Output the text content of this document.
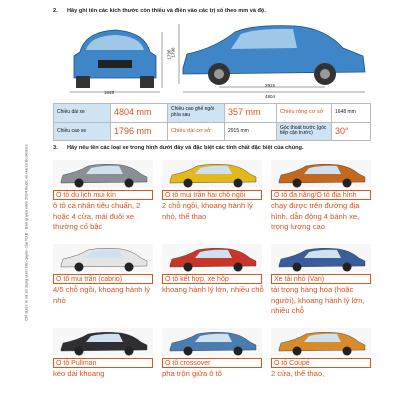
Chỉ được in và sử dụng dưới bản quyền của NXB - Bản quyền năm 2024 thuộc về Hanoi Bookstore
2. Hãy ghi tên các kích thước còn thiếu và điền vào các trị số theo mm và độ.
1648
1796 1796
2915
4804
Chiều dài xe	4804 mm	Chiều cao ghế ngồi phía sau	357 mm	Chiều rộng cơ sở	1648 mm
Chiều cao xe	1796 mm	Chiều dài cơ sở	2915 mm	Góc thoát trước (góc tiếp cận trước)	30°
3. Hãy nêu tên các loại xe trong hình dưới đây và đặc biệt các tính chất đặc biệt của chúng.
Ô tô du lịch mui kín
ô tô cá nhân tiêu chuẩn, 2 hoặc 4 cửa, mái đuôi xe thường cố bậc
Ô tô mui trần hai chỗ ngồi
2 chỗ ngồi, khoang hành lý nhỏ, thể thao
Ô tô đa năng/Ô tô địa hình
chạy được trên đường địa hình, dẫn động 4 bánh xe, trọng lượng cao
Ô tô mui trần (cabrio)
4/5 chỗ ngồi, khoang hành lý nhỏ
Ô tô kết hợp, xe hộp
khoang hành lý lớn, nhiều chỗ
Xe tải nhỏ (Van)
tải trọng hàng hóa (hoặc người), khoang hành lý lớn, nhiều chỗ
Ô tô Pullman
kéo dài khoang
Ô tô crossover
pha trộn giữa ô tô
Ô tô Coupé
2 cửa, thể thao,
